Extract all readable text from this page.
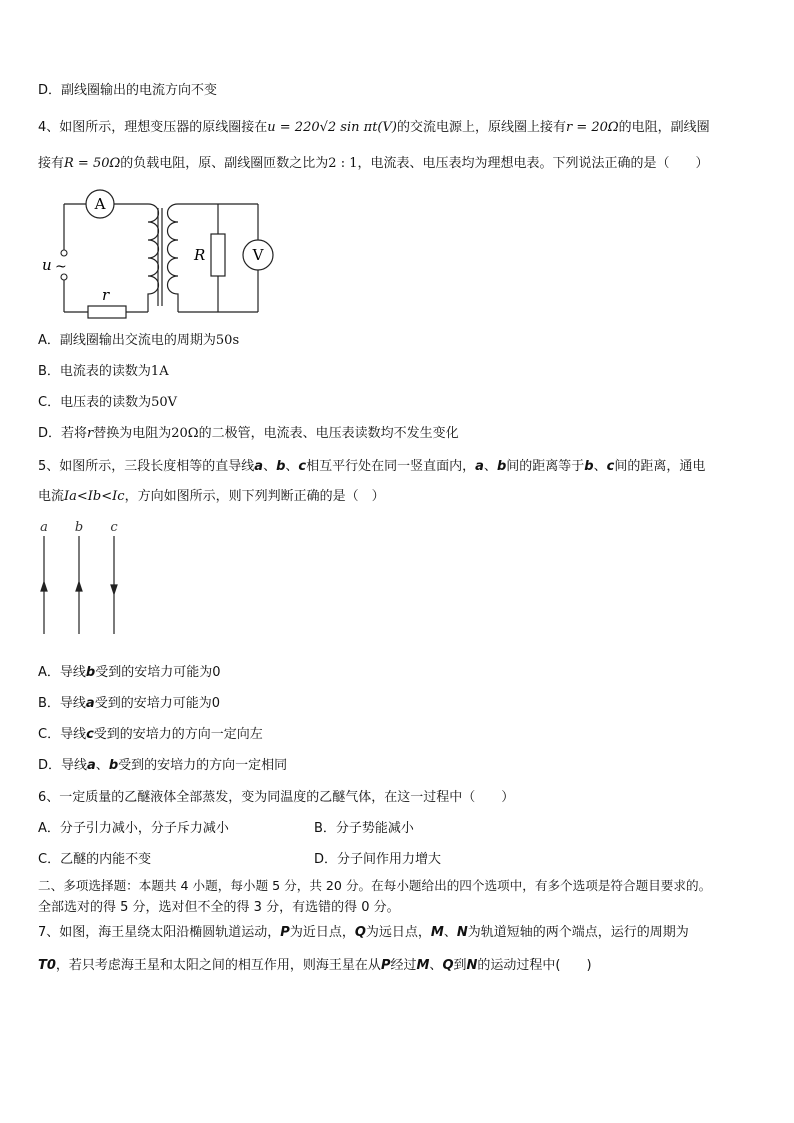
D．副线圈输出的电流方向不变
4、如图所示，理想变压器的原线圈接在u = 220√2 sin πt(V)的交流电源上，原线圈上接有r = 20Ω的电阻，副线圈
接有R = 50Ω的负载电阻，原、副线圈匝数之比为2 : 1，电流表、电压表均为理想电表。下列说法正确的是（　　）
A
R	V
r
u ~
A．副线圈输出交流电的周期为50s
B．电流表的读数为1A
C．电压表的读数为50V
D．若将r替换为电阻为20Ω的二极管，电流表、电压表读数均不发生变化
5、如图所示，三段长度相等的直导线a、b、c相互平行处在同一竖直面内，a、b间的距离等于b、c间的距离，通电
电流Ia<Ib<Ic，方向如图所示，则下列判断正确的是（　）
a b c
A．导线b受到的安培力可能为0
B．导线a受到的安培力可能为0
C．导线c受到的安培力的方向一定向左
D．导线a、b受到的安培力的方向一定相同
6、一定质量的乙醚液体全部蒸发，变为同温度的乙醚气体，在这一过程中（　　）
A．分子引力减小，分子斥力减小	B．分子势能减小
C．乙醚的内能不变	D．分子间作用力增大
二、多项选择题：本题共 4 小题，每小题 5 分，共 20 分。在每小题给出的四个选项中，有多个选项是符合题目要求的。
全部选对的得 5 分，选对但不全的得 3 分，有选错的得 0 分。
7、如图，海王星绕太阳沿椭圆轨道运动，P为近日点，Q为远日点，M、N为轨道短轴的两个端点，运行的周期为
T0，若只考虑海王星和太阳之间的相互作用，则海王星在从P经过M、Q到N的运动过程中(　　)
